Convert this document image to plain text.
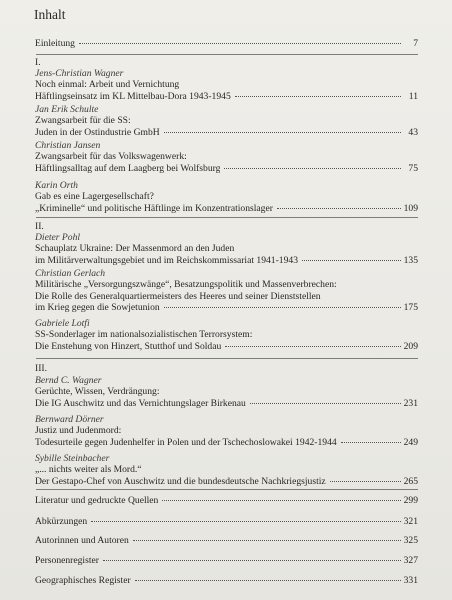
Inhalt
Einleitung	7
I.
Jens-Christian Wagner
Noch einmal: Arbeit und Vernichtung
Häftlingseinsatz im KL Mittelbau-Dora 1943-1945	11
Jan Erik Schulte
Zwangsarbeit für die SS:
Juden in der Ostindustrie GmbH	43
Christian Jansen
Zwangsarbeit für das Volkswagenwerk:
Häftlingsalltag auf dem Laagberg bei Wolfsburg	75
Karin Orth
Gab es eine Lagergesellschaft?
„Kriminelle“ und politische Häftlinge im Konzentrationslager	109
II.
Dieter Pohl
Schauplatz Ukraine: Der Massenmord an den Juden
im Militärverwaltungsgebiet und im Reichskommissariat 1941-1943	135
Christian Gerlach
Militärische „Versorgungszwänge“, Besatzungspolitik und Massenverbrechen:
Die Rolle des Generalquartiermeisters des Heeres und seiner Dienststellen
im Krieg gegen die Sowjetunion	175
Gabriele Lotfi
SS-Sonderlager im nationalsozialistischen Terrorsystem:
Die Enstehung von Hinzert, Stutthof und Soldau	209
III.
Bernd C. Wagner
Gerüchte, Wissen, Verdrängung:
Die IG Auschwitz und das Vernichtungslager Birkenau	231
Bernward Dörner
Justiz und Judenmord:
Todesurteile gegen Judenhelfer in Polen und der Tschechoslowakei 1942-1944	249
Sybille Steinbacher
„... nichts weiter als Mord.“
Der Gestapo-Chef von Auschwitz und die bundesdeutsche Nachkriegsjustiz	265
Literatur und gedruckte Quellen	299
Abkürzungen	321
Autorinnen und Autoren	325
Personenregister	327
Geographisches Register	331
